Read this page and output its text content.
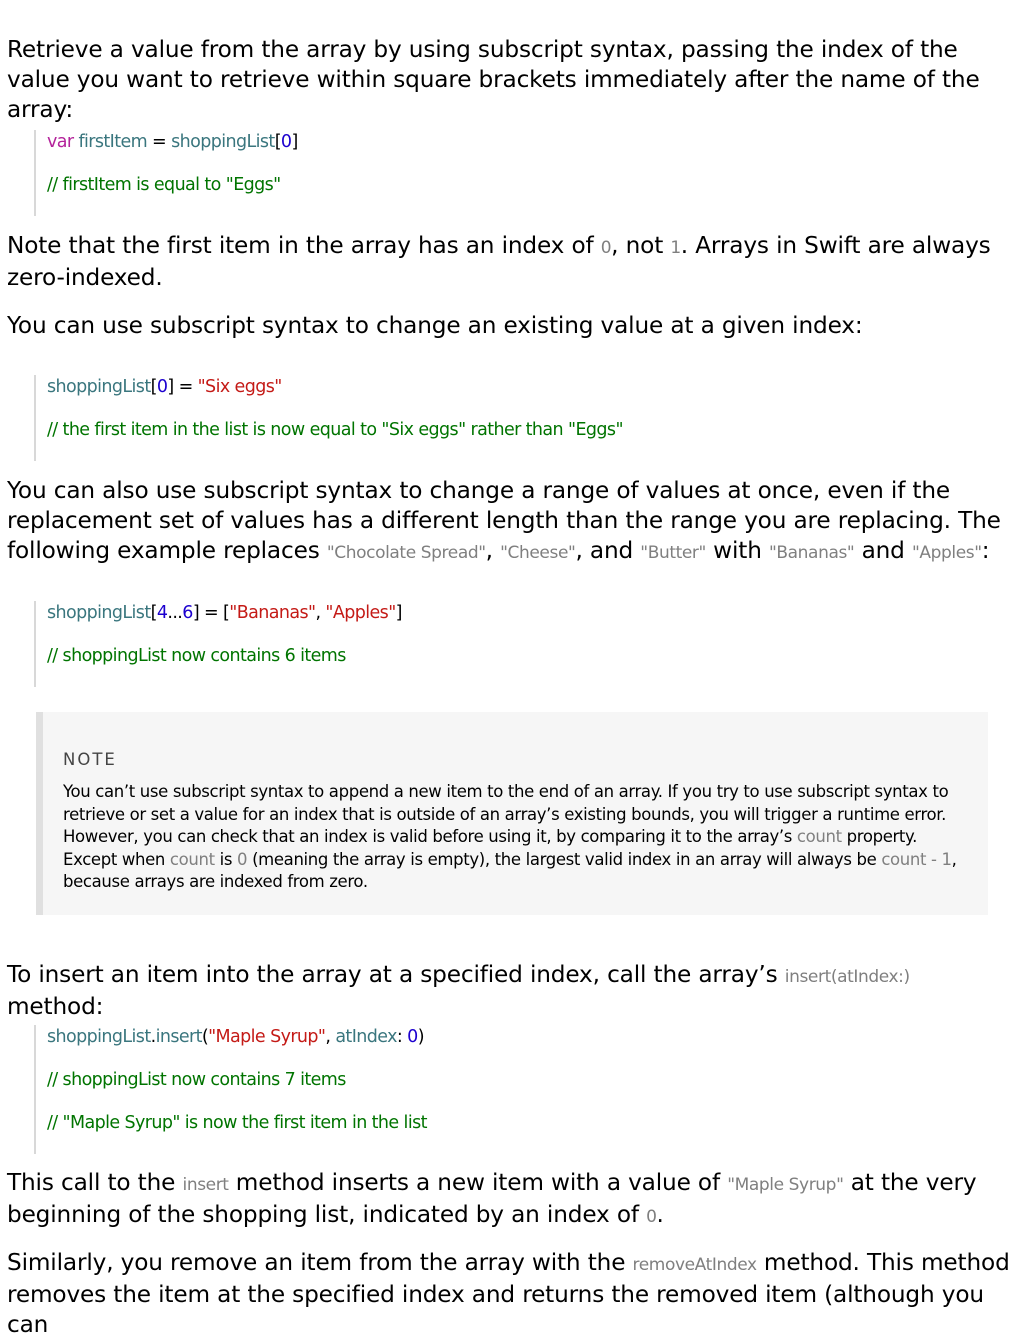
Retrieve a value from the array by using subscript syntax, passing the index of the value you want to retrieve within square brackets immediately after the name of the array:

var firstItem = shoppingList[0]
// firstItem is equal to "Eggs"

Note that the first item in the array has an index of 0, not 1. Arrays in Swift are always zero-indexed.

You can use subscript syntax to change an existing value at a given index:

shoppingList[0] = "Six eggs"
// the first item in the list is now equal to "Six eggs" rather than "Eggs"

You can also use subscript syntax to change a range of values at once, even if the replacement set of values has a different length than the range you are replacing. The following example replaces "Chocolate Spread", "Cheese", and "Butter" with "Bananas" and "Apples":

shoppingList[4...6] = ["Bananas", "Apples"]
// shoppingList now contains 6 items

To insert an item into the array at a specified index, call the array’s insert(atIndex:) method:

shoppingList.insert("Maple Syrup", atIndex: 0)
// shoppingList now contains 7 items
// "Maple Syrup" is now the first item in the list

This call to the insert method inserts a new item with a value of "Maple Syrup" at the very beginning of the shopping list, indicated by an index of 0.

Similarly, you remove an item from the array with the removeAtIndex method. This method removes the item at the specified index and returns the removed item (although you can

NOTE
You can’t use subscript syntax to append a new item to the end of an array. If you try to use subscript syntax to retrieve or set a value for an index that is outside of an array’s existing bounds, you will trigger a runtime error. However, you can check that an index is valid before using it, by comparing it to the array’s count property. Except when count is 0 (meaning the array is empty), the largest valid index in an array will always be count - 1, because arrays are indexed from zero.
